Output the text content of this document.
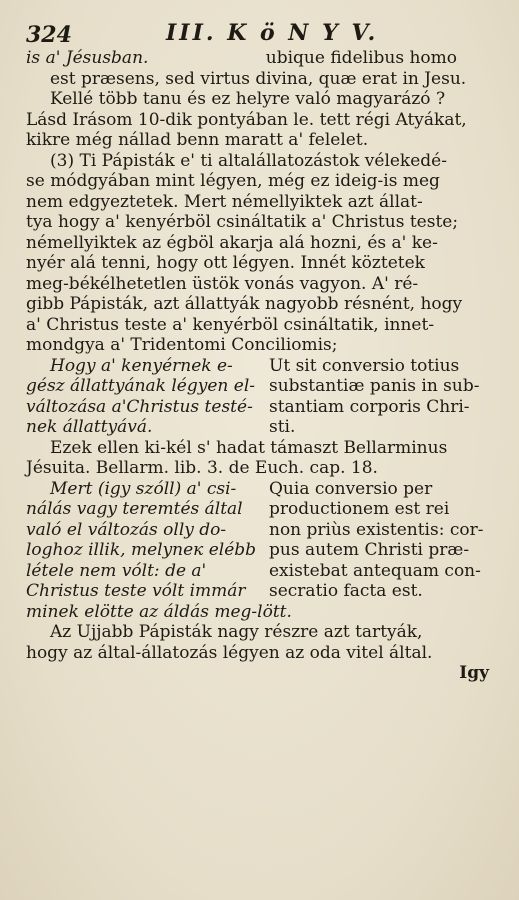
324	III. K ö N Y V.
is a' Jésusban.	ubique fidelibus homo
est præsens, sed virtus divina, quæ erat in Jesu.
Kellé több tanu és ez helyre való magyarázó ?
Lásd Irásom 10-dik pontyában le. tett régi Atyákat,
kikre még nállad benn maratt a' felelet.
(3) Ti Pápisták e' ti altalállatozástok vélekedé-
se módgyában mint légyen, még ez ideig-is meg
nem edgyeztetek. Mert némellyiktek azt állat-
tya hogy a' kenyérböl csináltatik a' Christus teste;
némellyiktek az égböl akarja alá hozni, és a' ke-
nyér alá tenni, hogy ott légyen. Innét köztetek
meg-békélhetetlen üstök vonás vagyon. A' ré-
gibb Pápisták, azt állattyák nagyobb résnént, hogy
a' Christus teste a' kenyérböl csináltatik, innet-
mondgya a' Tridentomi Conciliomis;
Hogy a' kenyérnek e-
gész állattyának légyen el-
változása a'Christus testé-
nek állattyává.
Ut sit conversio totius
substantiæ panis in sub-
stantiam corporis Chri-
sti.
Ezek ellen ki-kél s' hadat támaszt Bellarminus
Jésuita. Bellarm. lib. 3. de Euch. cap. 18.
Mert (igy szóll) a' csi-
nálás vagy teremtés által
való el változás olly do-
loghoz illik, melyneк elébb
létele nem vólt: de a'
Christus teste vólt immár
minek elötte az áldás meg-lött.
Quia conversio per
productionem est rei
non priùs existentis: cor-
pus autem Christi præ-
existebat antequam con-
secratio facta est.
Az Ujjabb Pápisták nagy részre azt tartyák,
hogy az által-állatozás légyen az oda vitel által.
Igy
